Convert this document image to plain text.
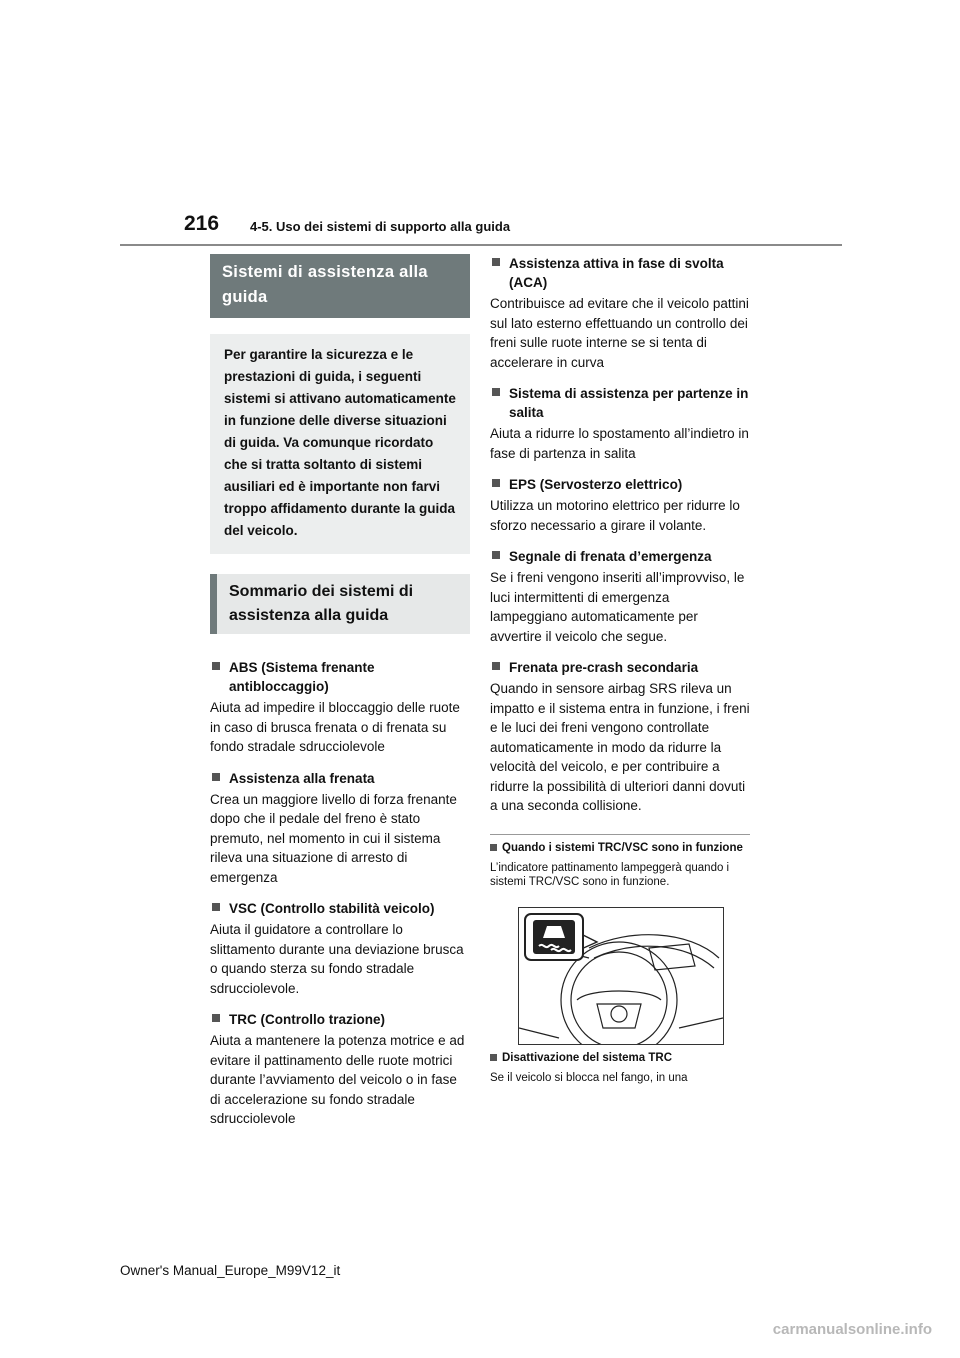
216 4-5. Uso dei sistemi di supporto alla guida
Sistemi di assistenza alla guida
Per garantire la sicurezza e le prestazioni di guida, i seguenti sistemi si attivano automaticamente in funzione delle diverse situazioni di guida. Va comunque ricordato che si tratta soltanto di sistemi ausiliari ed è importante non farvi troppo affidamento durante la guida del veicolo.
Sommario dei sistemi di assistenza alla guida
ABS (Sistema frenante antibloccaggio)
Aiuta ad impedire il bloccaggio delle ruote in caso di brusca frenata o di frenata su fondo stradale sdrucciolevole
Assistenza alla frenata
Crea un maggiore livello di forza frenante dopo che il pedale del freno è stato premuto, nel momento in cui il sistema rileva una situazione di arresto di emergenza
VSC (Controllo stabilità veicolo)
Aiuta il guidatore a controllare lo slittamento durante una deviazione brusca o quando sterza su fondo stradale sdrucciolevole.
TRC (Controllo trazione)
Aiuta a mantenere la potenza motrice e ad evitare il pattinamento delle ruote motrici durante l’avviamento del veicolo o in fase di accelerazione su fondo stradale sdrucciolevole
Assistenza attiva in fase di svolta (ACA)
Contribuisce ad evitare che il veicolo pattini sul lato esterno effettuando un controllo dei freni sulle ruote interne se si tenta di accelerare in curva
Sistema di assistenza per partenze in salita
Aiuta a ridurre lo spostamento all’indietro in fase di partenza in salita
EPS (Servosterzo elettrico)
Utilizza un motorino elettrico per ridurre lo sforzo necessario a girare il volante.
Segnale di frenata d’emergenza
Se i freni vengono inseriti all’improvviso, le luci intermittenti di emergenza lampeggiano automaticamente per avvertire il veicolo che segue.
Frenata pre-crash secondaria
Quando in sensore airbag SRS rileva un impatto e il sistema entra in funzione, i freni e le luci dei freni vengono controllate automaticamente in modo da ridurre la velocità del veicolo, e per contribuire a ridurre la possibilità di ulteriori danni dovuti a una seconda collisione.
Quando i sistemi TRC/VSC sono in funzione
L’indicatore pattinamento lampeggerà quando i sistemi TRC/VSC sono in funzione.
Disattivazione del sistema TRC
Se il veicolo si blocca nel fango, in una
Owner's Manual_Europe_M99V12_it
carmanualsonline.info
